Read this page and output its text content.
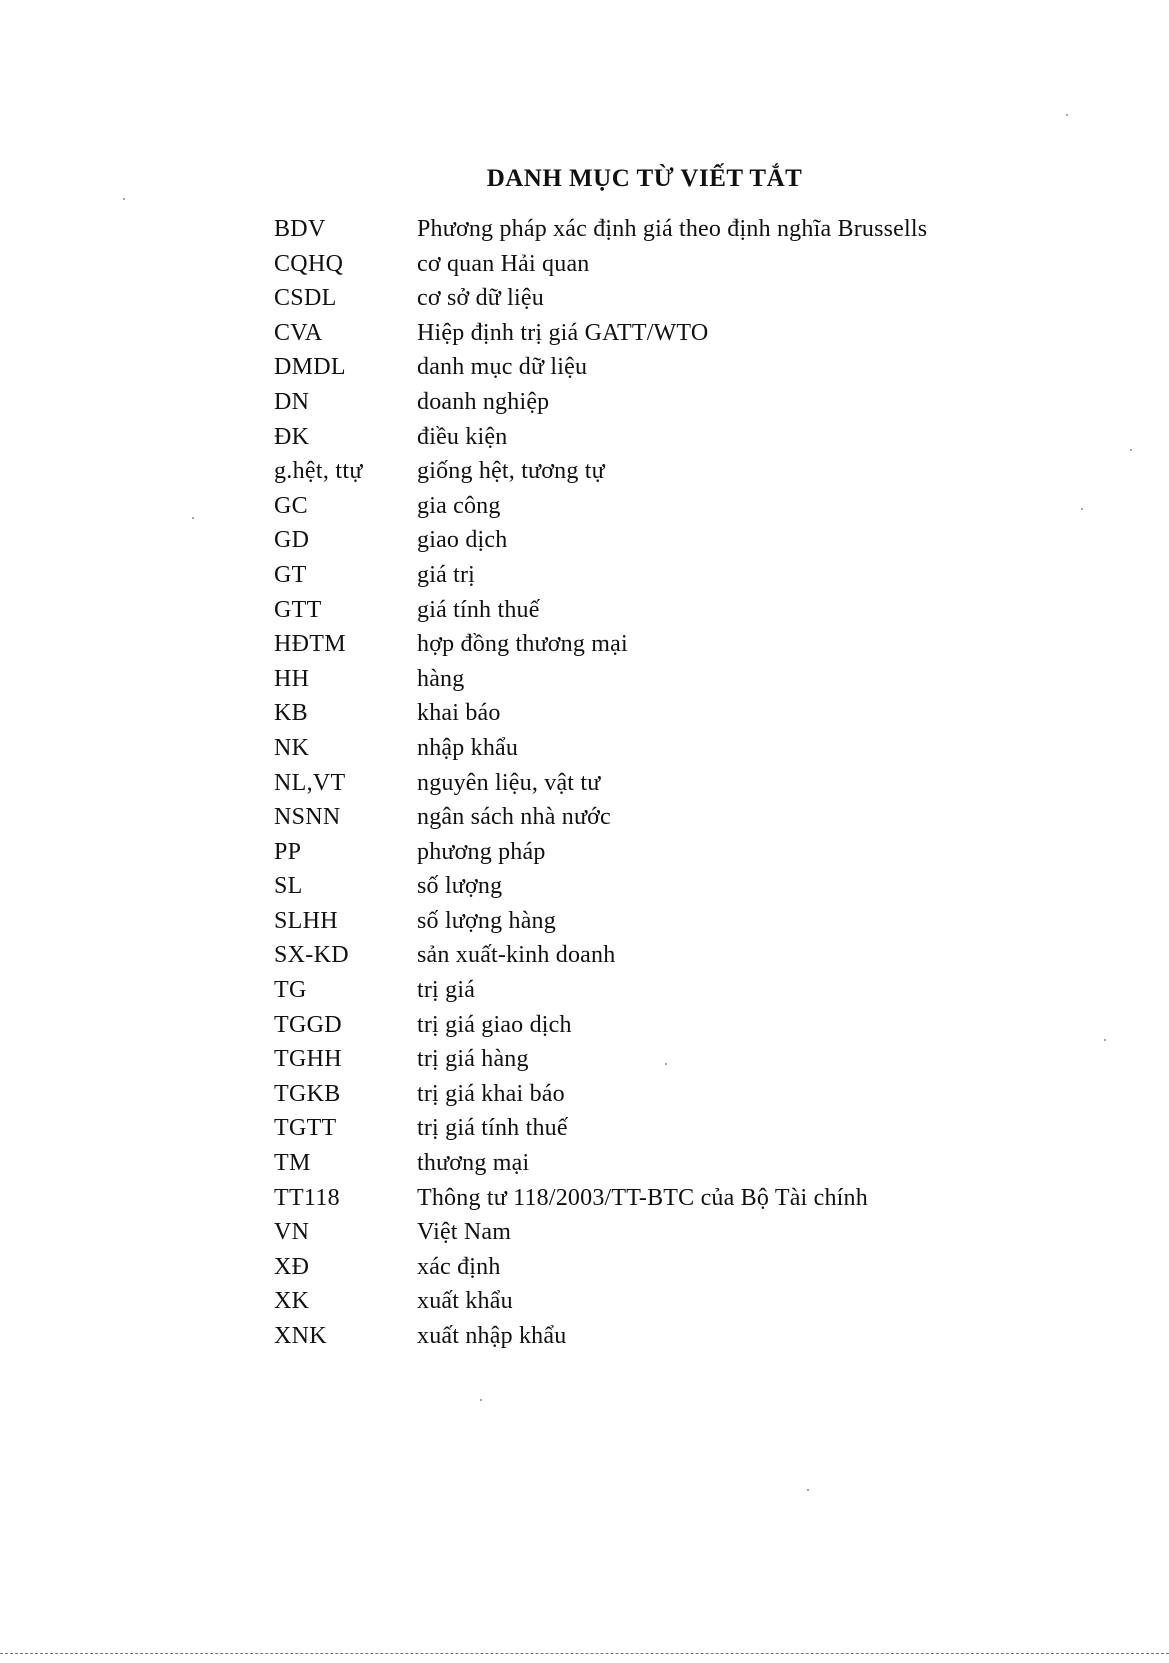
DANH MỤC TỪ VIẾT TẮT
BDV	Phương pháp xác định giá theo định nghĩa Brussells
CQHQ	cơ quan Hải quan
CSDL	cơ sở dữ liệu
CVA	Hiệp định trị giá GATT/WTO
DMDL	danh mục dữ liệu
DN	doanh nghiệp
ĐK	điều kiện
g.hệt, ttự	giống hệt, tương tự
GC	gia công
GD	giao dịch
GT	giá trị
GTT	giá tính thuế
HĐTM	hợp đồng thương mại
HH	hàng
KB	khai báo
NK	nhập khẩu
NL,VT	nguyên liệu, vật tư
NSNN	ngân sách nhà nước
PP	phương pháp
SL	số lượng
SLHH	số lượng hàng
SX-KD	sản xuất-kinh doanh
TG	trị giá
TGGD	trị giá giao dịch
TGHH	trị giá hàng
TGKB	trị giá khai báo
TGTT	trị giá tính thuế
TM	thương mại
TT118	Thông tư 118/2003/TT-BTC của Bộ Tài chính
VN	Việt Nam
XĐ	xác định
XK	xuất khẩu
XNK	xuất nhập khẩu
